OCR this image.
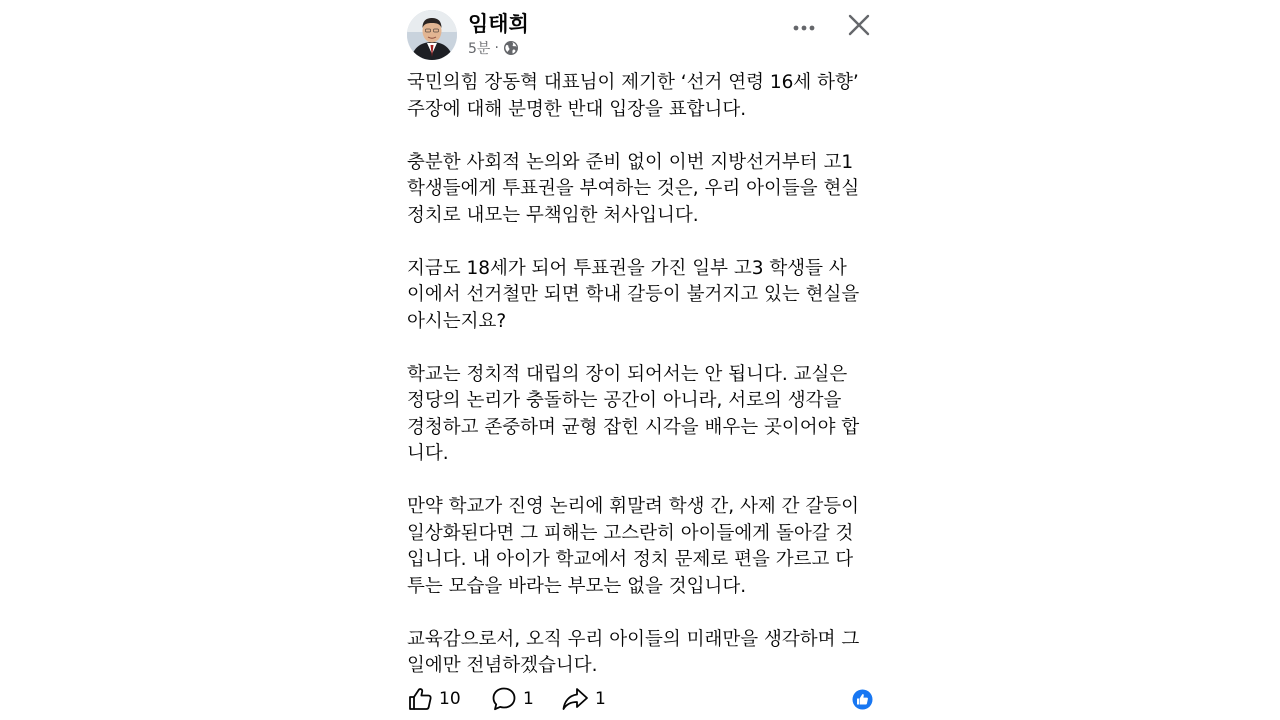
임태희
5분 ·
국민의힘 장동혁 대표님이 제기한 ‘선거 연령 16세 하향’
주장에 대해 분명한 반대 입장을 표합니다.
충분한 사회적 논의와 준비 없이 이번 지방선거부터 고1
학생들에게 투표권을 부여하는 것은, 우리 아이들을 현실
정치로 내모는 무책임한 처사입니다.
지금도 18세가 되어 투표권을 가진 일부 고3 학생들 사
이에서 선거철만 되면 학내 갈등이 불거지고 있는 현실을
아시는지요?
학교는 정치적 대립의 장이 되어서는 안 됩니다. 교실은
정당의 논리가 충돌하는 공간이 아니라, 서로의 생각을
경청하고 존중하며 균형 잡힌 시각을 배우는 곳이어야 합
니다.
만약 학교가 진영 논리에 휘말려 학생 간, 사제 간 갈등이
일상화된다면 그 피해는 고스란히 아이들에게 돌아갈 것
입니다. 내 아이가 학교에서 정치 문제로 편을 가르고 다
투는 모습을 바라는 부모는 없을 것입니다.
교육감으로서, 오직 우리 아이들의 미래만을 생각하며 그
일에만 전념하겠습니다.
10	1	1
